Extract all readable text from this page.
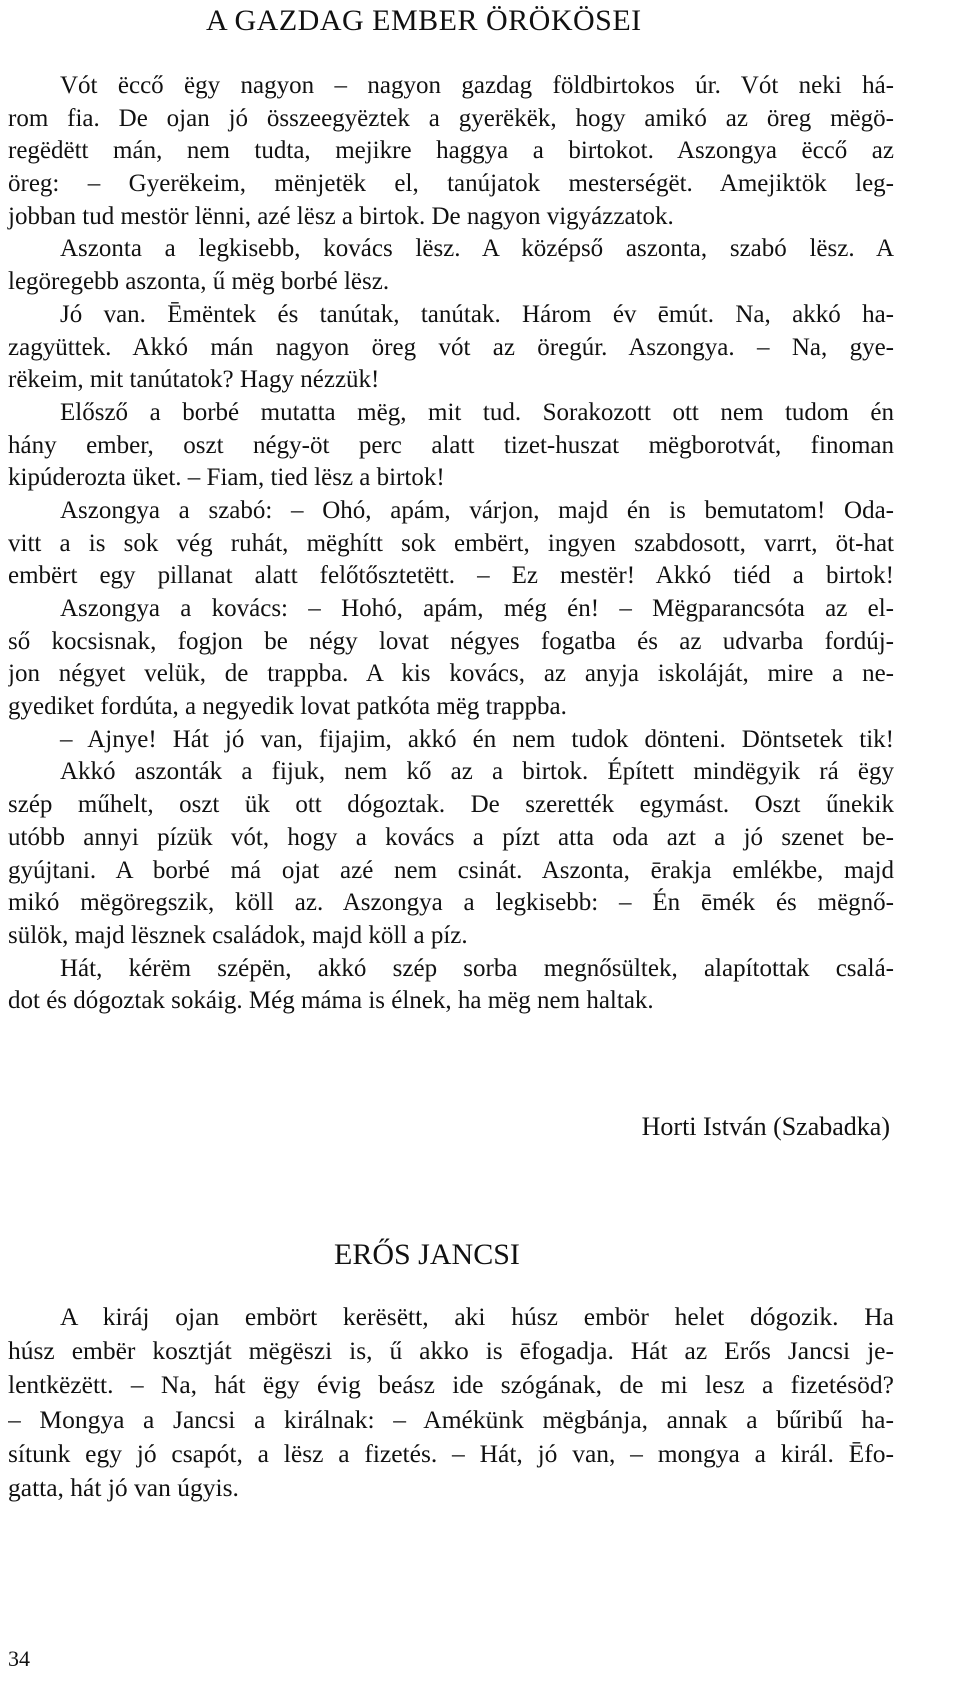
A GAZDAG EMBER ÖRÖKÖSEI
Vót ëccő ëgy nagyon – nagyon gazdag földbirtokos úr. Vót neki há-
rom fia. De ojan jó összeegyëztek a gyerëkëk, hogy amikó az öreg mëgö-
regëdëtt mán, nem tudta, mejikre haggya a birtokot. Aszongya ëccő az
öreg: – Gyerëkeim, mënjetëk el, tanújatok mesterségët. Amejiktök leg-
jobban tud mestör lënni, azé lësz a birtok. De nagyon vigyázzatok.
Aszonta a legkisebb, kovács lësz. A középső aszonta, szabó lësz. A
legöregebb aszonta, ű mëg borbé lësz.
Jó van. Ēmëntek és tanútak, tanútak. Három év ēmút. Na, akkó ha-
zagyüttek. Akkó mán nagyon öreg vót az öregúr. Aszongya. – Na, gye-
rëkeim, mit tanútatok? Hagy nézzük!
Elősző a borbé mutatta mëg, mit tud. Sorakozott ott nem tudom én
hány ember, oszt négy-öt perc alatt tizet-huszat mëgborotvát, finoman
kipúderozta üket. – Fiam, tied lësz a birtok!
Aszongya a szabó: – Ohó, apám, várjon, majd én is bemutatom! Oda-
vitt a is sok vég ruhát, mëghítt sok embërt, ingyen szabdosott, varrt, öt-hat
embërt egy pillanat alatt felőtősztetëtt. – Ez mestër! Akkó tiéd a birtok!
Aszongya a kovács: – Hohó, apám, még én! – Mëgparancsóta az el-
ső kocsisnak, fogjon be négy lovat négyes fogatba és az udvarba fordúj-
jon négyet velük, de trappba. A kis kovács, az anyja iskoláját, mire a ne-
gyediket fordúta, a negyedik lovat patkóta mëg trappba.
– Ajnye! Hát jó van, fijajim, akkó én nem tudok dönteni. Döntsetek tik!
Akkó aszonták a fijuk, nem kő az a birtok. Épített mindëgyik rá ëgy
szép műhelt, oszt ük ott dógoztak. De szerették egymást. Oszt űnekik
utóbb annyi pízük vót, hogy a kovács a pízt atta oda azt a jó szenet be-
gyújtani. A borbé má ojat azé nem csinát. Aszonta, ērakja emlékbe, majd
mikó mëgöregszik, köll az. Aszongya a legkisebb: – Én ēmék és mëgnő-
sülök, majd lësznek családok, majd köll a píz.
Hát, kérëm szépën, akkó szép sorba megnősültek, alapítottak csalá-
dot és dógoztak sokáig. Még máma is élnek, ha mëg nem haltak.
Horti István (Szabadka)
ERŐS JANCSI
A kiráj ojan embört kerësëtt, aki húsz embör helet dógozik. Ha
húsz embër kosztját mëgëszi is, ű akko is ēfogadja. Hát az Erős Jancsi je-
lentkëzëtt. – Na, hát ëgy évig beász ide szógának, de mi lesz a fizetésöd?
– Mongya a Jancsi a királnak: – Amékünk mëgbánja, annak a bűribű ha-
sítunk egy jó csapót, a lësz a fizetés. – Hát, jó van, – mongya a királ. Ēfo-
gatta, hát jó van úgyis.
34
